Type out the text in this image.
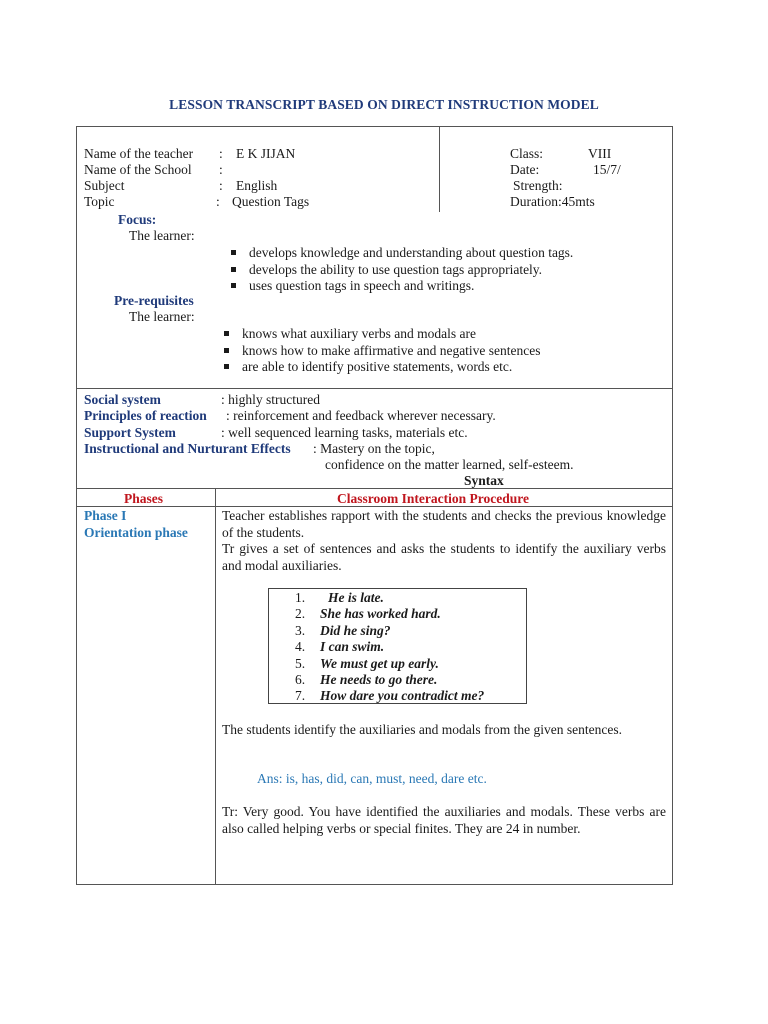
LESSON TRANSCRIPT BASED ON DIRECT INSTRUCTION MODEL
Name of the teacher : E K JIJAN
Name of the School :
Subject	: English
Topic	: Question Tags
Class:	VIII
Date:	15/7/
Strength:
Duration:45mts
Focus:
The learner:
develops knowledge and understanding about question tags.
develops the ability to use question tags appropriately.
uses question tags in speech and writings.
Pre-requisites
The learner:
knows what auxiliary verbs and modals are
knows how to make affirmative and negative sentences
are able to identify positive statements, words etc.
Social system	: highly structured
Principles of reaction : reinforcement and feedback wherever necessary.
Support System	: well sequenced learning tasks, materials etc.
Instructional and Nurturant Effects : Mastery on the topic,
confidence on the matter learned, self-esteem.
Syntax
Phases	Classroom Interaction Procedure
Phase I
Orientation phase
Teacher establishes rapport with the students and checks the previous knowledge of the students.
Tr gives a set of sentences and asks the students to identify the auxiliary verbs and modal auxiliaries.
1. He is late.
2. She has worked hard.
3. Did he sing?
4. I can swim.
5. We must get up early.
6. He needs to go there.
7. How dare you contradict me?
The students identify the auxiliaries and modals from the given sentences.
Ans: is, has, did, can, must, need, dare etc.
Tr: Very good. You have identified the auxiliaries and modals. These verbs are also called helping verbs or special finites. They are 24 in number.
